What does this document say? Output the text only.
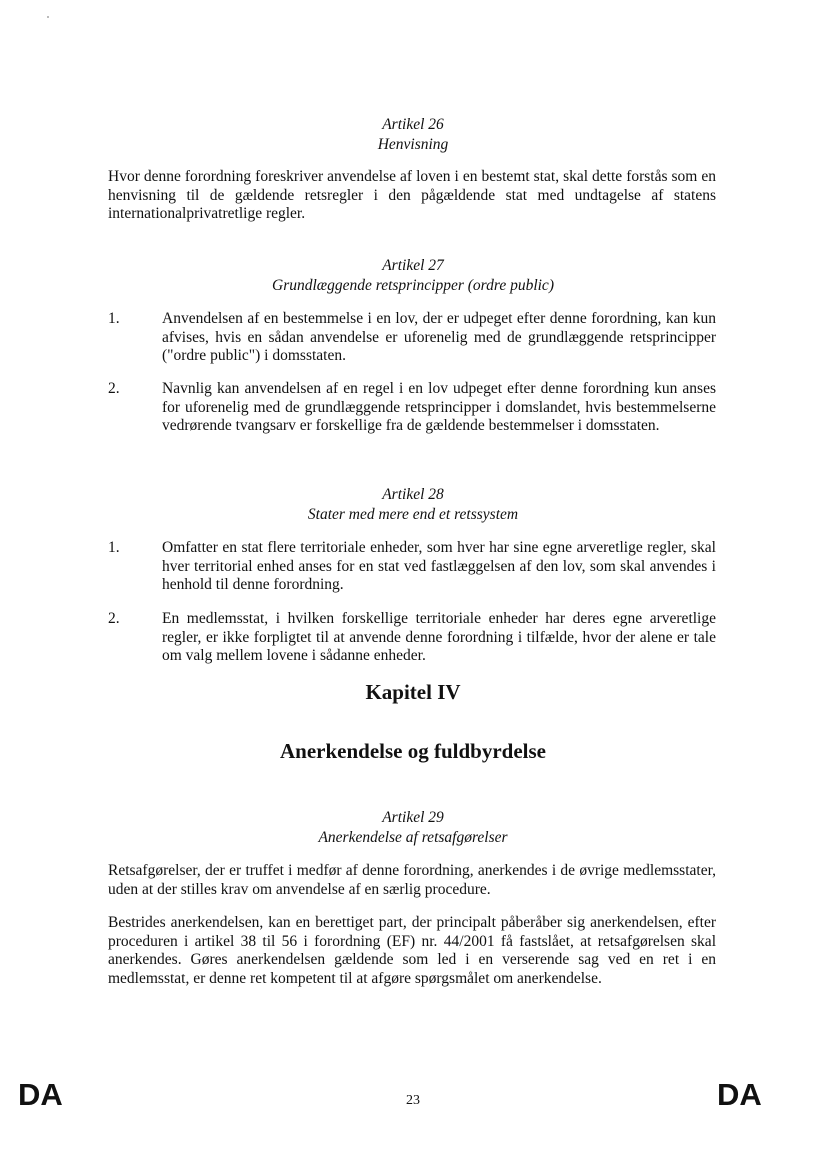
Artikel 26
Henvisning
Hvor denne forordning foreskriver anvendelse af loven i en bestemt stat, skal dette forstås som en henvisning til de gældende retsregler i den pågældende stat med undtagelse af statens internationalprivatretlige regler.
Artikel 27
Grundlæggende retsprincipper (ordre public)
1.	Anvendelsen af en bestemmelse i en lov, der er udpeget efter denne forordning, kan kun afvises, hvis en sådan anvendelse er uforenelig med de grundlæggende retsprincipper ("ordre public") i domsstaten.
2.	Navnlig kan anvendelsen af en regel i en lov udpeget efter denne forordning kun anses for uforenelig med de grundlæggende retsprincipper i domslandet, hvis bestemmelserne vedrørende tvangsarv er forskellige fra de gældende bestemmelser i domsstaten.
Artikel 28
Stater med mere end et retssystem
1.	Omfatter en stat flere territoriale enheder, som hver har sine egne arveretlige regler, skal hver territorial enhed anses for en stat ved fastlæggelsen af den lov, som skal anvendes i henhold til denne forordning.
2.	En medlemsstat, i hvilken forskellige territoriale enheder har deres egne arveretlige regler, er ikke forpligtet til at anvende denne forordning i tilfælde, hvor der alene er tale om valg mellem lovene i sådanne enheder.
Kapitel IV
Anerkendelse og fuldbyrdelse
Artikel 29
Anerkendelse af retsafgørelser
Retsafgørelser, der er truffet i medfør af denne forordning, anerkendes i de øvrige medlemsstater, uden at der stilles krav om anvendelse af en særlig procedure.
Bestrides anerkendelsen, kan en berettiget part, der principalt påberåber sig anerkendelsen, efter proceduren i artikel 38 til 56 i forordning (EF) nr. 44/2001 få fastslået, at retsafgørelsen skal anerkendes. Gøres anerkendelsen gældende som led i en verserende sag ved en ret i en medlemsstat, er denne ret kompetent til at afgøre spørgsmålet om anerkendelse.
DA	23	DA
